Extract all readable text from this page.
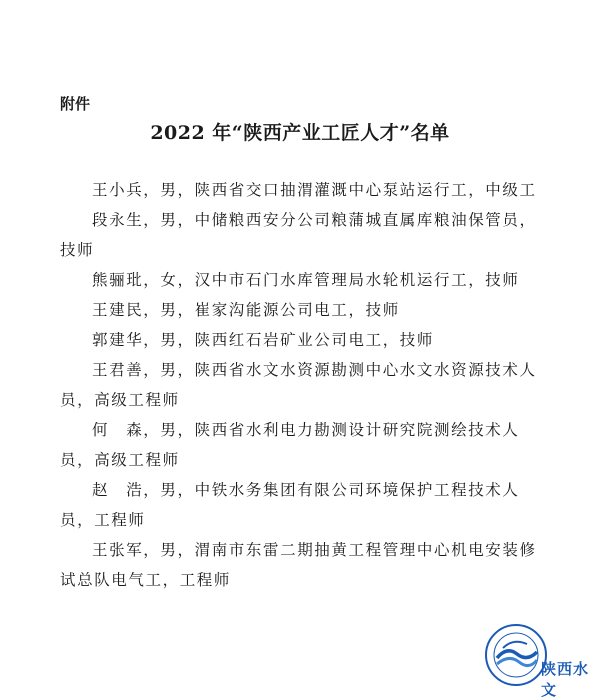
附件
2022 年“陕西产业工匠人才”名单

王小兵，男，陕西省交口抽渭灌溉中心泵站运行工，中级工

段永生，男，中储粮西安分公司粮蒲城直属库粮油保管员，技师

熊骊玭，女，汉中市石门水库管理局水轮机运行工，技师

王建民，男，崔家沟能源公司电工，技师

郭建华，男，陕西红石岩矿业公司电工，技师

王君善，男，陕西省水文水资源勘测中心水文水资源技术人员，高级工程师

何　森，男，陕西省水利电力勘测设计研究院测绘技术人员，高级工程师

赵　浩，男，中铁水务集团有限公司环境保护工程技术人员，工程师

王张军，男，渭南市东雷二期抽黄工程管理中心机电安装修试总队电气工，工程师

陕西水文
